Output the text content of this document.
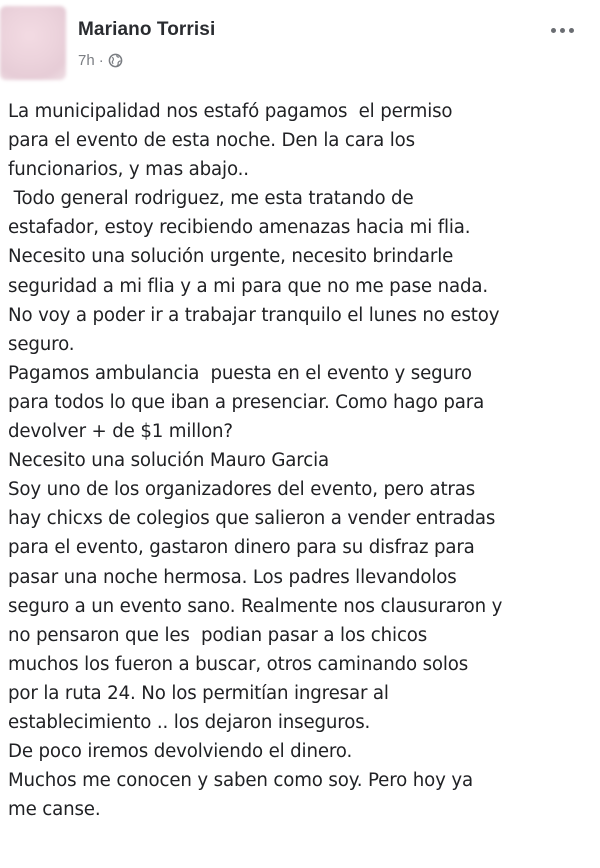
Mariano Torrisi
7h ·
La municipalidad nos estafó pagamos  el permiso
para el evento de esta noche. Den la cara los
funcionarios, y mas abajo..
Todo general rodriguez, me esta tratando de
estafador, estoy recibiendo amenazas hacia mi flia.
Necesito una solución urgente, necesito brindarle
seguridad a mi flia y a mi para que no me pase nada.
No voy a poder ir a trabajar tranquilo el lunes no estoy
seguro.
Pagamos ambulancia  puesta en el evento y seguro
para todos lo que iban a presenciar. Como hago para
devolver + de $1 millon?
Necesito una solución Mauro Garcia
Soy uno de los organizadores del evento, pero atras
hay chicxs de colegios que salieron a vender entradas
para el evento, gastaron dinero para su disfraz para
pasar una noche hermosa. Los padres llevandolos
seguro a un evento sano. Realmente nos clausuraron y
no pensaron que les  podian pasar a los chicos
muchos los fueron a buscar, otros caminando solos
por la ruta 24. No los permitían ingresar al
establecimiento .. los dejaron inseguros.
De poco iremos devolviendo el dinero.
Muchos me conocen y saben como soy. Pero hoy ya
me canse.
